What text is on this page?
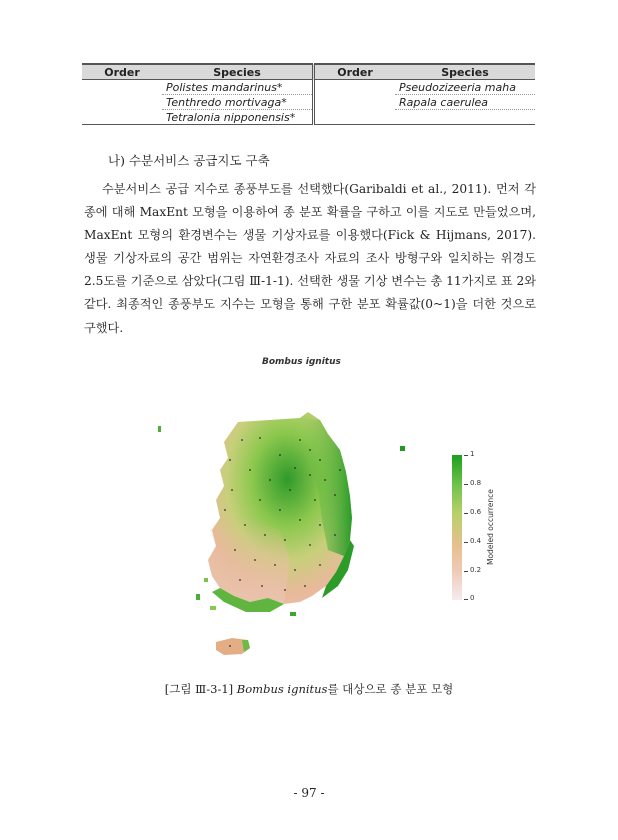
Order	Species	Order	Species
	Polistes mandarinus*		Pseudozizeeria maha
	Tenthredo mortivaga*		Rapala caerulea
	Tetralonia nipponensis*		
나) 수분서비스 공급지도 구축

수분서비스 공급 지수로 종풍부도를 선택했다(Garibaldi et al., 2011). 먼저 각 종에 대해 MaxEnt 모형을 이용하여 종 분포 확률을 구하고 이를 지도로 만들었으며, MaxEnt 모형의 환경변수는 생물 기상자료를 이용했다(Fick & Hijmans, 2017). 생물 기상자료의 공간 범위는 자연환경조사 자료의 조사 방형구와 일치하는 위경도 2.5도를 기준으로 삼았다(그림 Ⅲ-1-1). 선택한 생물 기상 변수는 총 11가지로 표 2와 같다. 최종적인 종풍부도 지수는 모형을 통해 구한 분포 확률값(0~1)을 더한 것으로 구했다.

Bombus ignitus
1
0.8
0.6
0.4
0.2
0
Modeled occurrence
[그림 Ⅲ-3-1] Bombus ignitus를 대상으로 종 분포 모형
- 97 -
